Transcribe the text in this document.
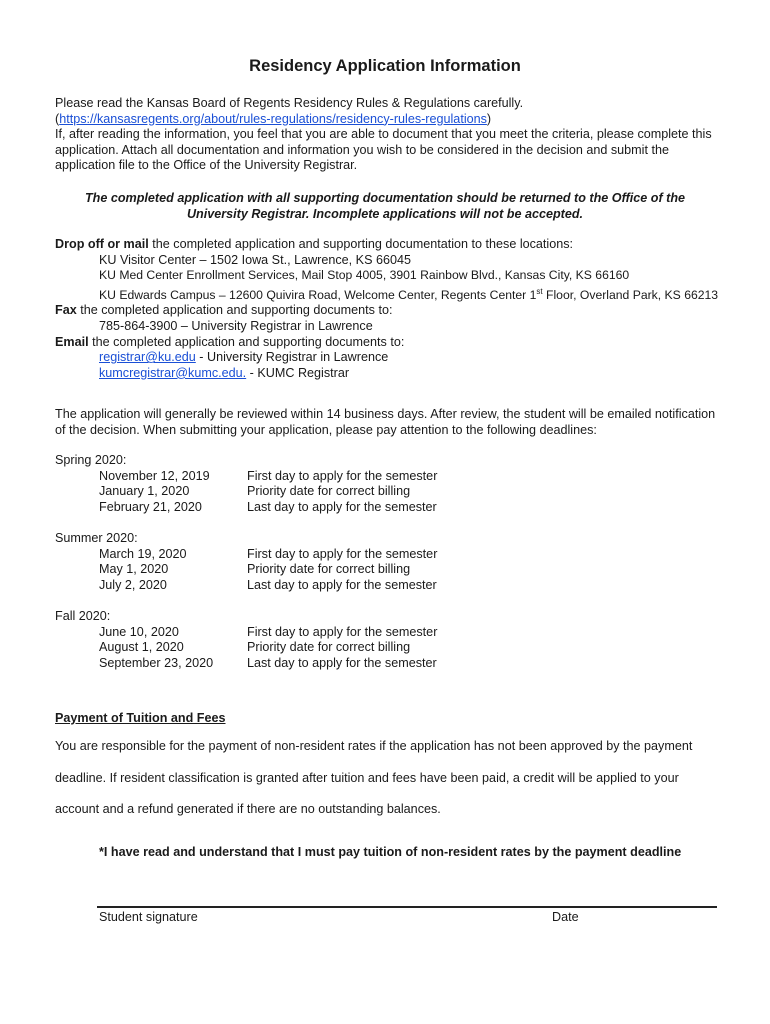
Residency Application Information
Please read the Kansas Board of Regents Residency Rules & Regulations carefully.
(https://kansasregents.org/about/rules-regulations/residency-rules-regulations)
If, after reading the information, you feel that you are able to document that you meet the criteria, please complete this application. Attach all documentation and information you wish to be considered in the decision and submit the application file to the Office of the University Registrar.
The completed application with all supporting documentation should be returned to the Office of the University Registrar. Incomplete applications will not be accepted.
Drop off or mail the completed application and supporting documentation to these locations:
KU Visitor Center – 1502 Iowa St., Lawrence, KS 66045
KU Med Center Enrollment Services, Mail Stop 4005, 3901 Rainbow Blvd., Kansas City, KS 66160
KU Edwards Campus – 12600 Quivira Road, Welcome Center, Regents Center 1st Floor, Overland Park, KS 66213
Fax the completed application and supporting documents to:
785-864-3900 – University Registrar in Lawrence
Email the completed application and supporting documents to:
registrar@ku.edu - University Registrar in Lawrence
kumcregistrar@kumc.edu. - KUMC Registrar
The application will generally be reviewed within 14 business days. After review, the student will be emailed notification of the decision. When submitting your application, please pay attention to the following deadlines:
Spring 2020:
November 12, 2019	First day to apply for the semester
January 1, 2020	Priority date for correct billing
February 21, 2020	Last day to apply for the semester
Summer 2020:
March 19, 2020	First day to apply for the semester
May 1, 2020	Priority date for correct billing
July 2, 2020	Last day to apply for the semester
Fall 2020:
June 10, 2020	First day to apply for the semester
August 1, 2020	Priority date for correct billing
September 23, 2020	Last day to apply for the semester
Payment of Tuition and Fees
You are responsible for the payment of non-resident rates if the application has not been approved by the payment deadline. If resident classification is granted after tuition and fees have been paid, a credit will be applied to your account and a refund generated if there are no outstanding balances.
*I have read and understand that I must pay tuition of non-resident rates by the payment deadline
Student signature	Date
